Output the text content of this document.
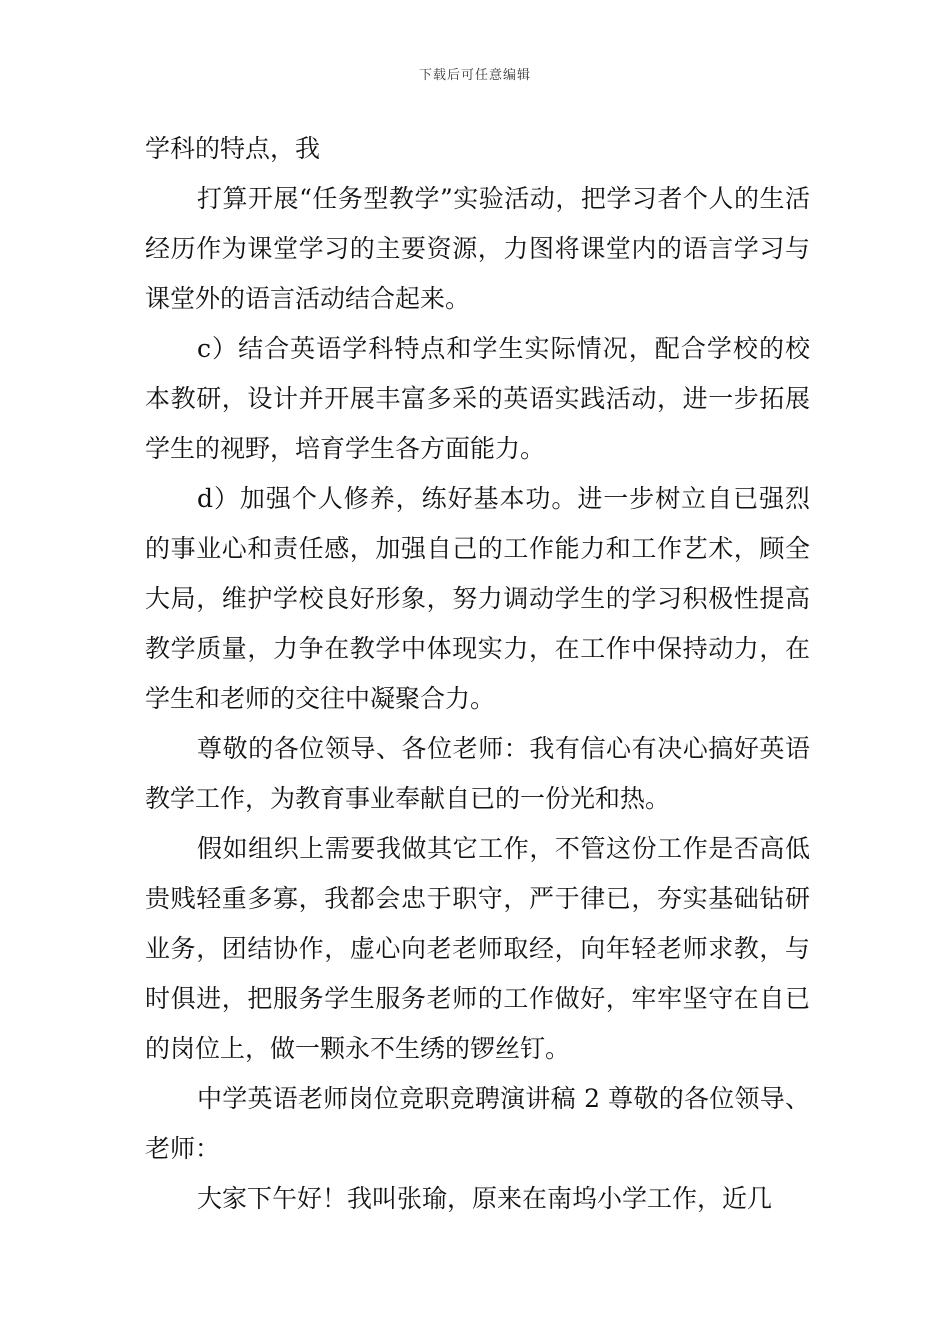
下载后可任意编辑

学科的特点，我

打算开展“任务型教学”实验活动，把学习者个人的生活经历作为课堂学习的主要资源，力图将课堂内的语言学习与课堂外的语言活动结合起来。

c）结合英语学科特点和学生实际情况，配合学校的校本教研，设计并开展丰富多采的英语实践活动，进一步拓展学生的视野，培育学生各方面能力。

d）加强个人修养，练好基本功。进一步树立自已强烈的事业心和责任感，加强自己的工作能力和工作艺术，顾全大局，维护学校良好形象，努力调动学生的学习积极性提高教学质量，力争在教学中体现实力，在工作中保持动力，在学生和老师的交往中凝聚合力。

尊敬的各位领导、各位老师：我有信心有决心搞好英语教学工作，为教育事业奉献自已的一份光和热。

假如组织上需要我做其它工作，不管这份工作是否高低贵贱轻重多寡，我都会忠于职守，严于律已，夯实基础钻研业务，团结协作，虚心向老老师取经，向年轻老师求教，与时俱进，把服务学生服务老师的工作做好，牢牢坚守在自已的岗位上，做一颗永不生绣的锣丝钉。

中学英语老师岗位竞职竞聘演讲稿 2 尊敬的各位领导、老师：

大家下午好！我叫张瑜，原来在南坞小学工作，近几
